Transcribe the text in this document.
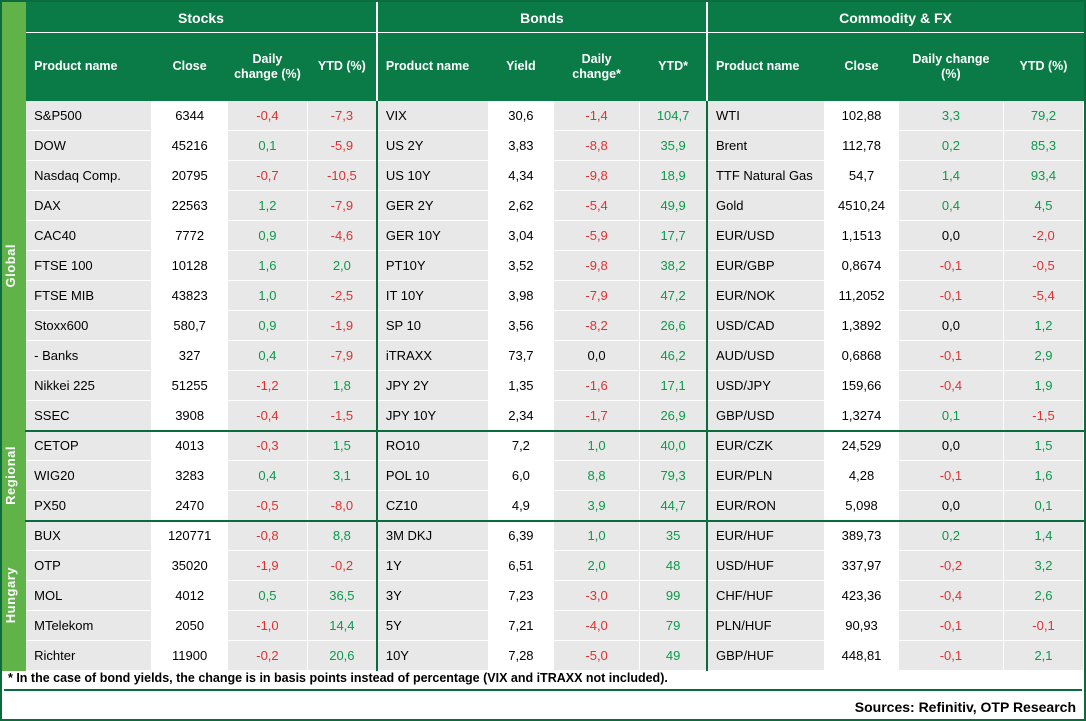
	Stocks				Bonds				Commodity & FX			
	Product name	Close	Daily change (%)	YTD (%)	Product name	Yield	Daily change*	YTD*	Product name	Close	Daily change (%)	YTD (%)

Global	S&P500	6344	-0,4	-7,3	VIX	30,6	-1,4	104,7	WTI	102,88	3,3	79,2
	DOW	45216	0,1	-5,9	US 2Y	3,83	-8,8	35,9	Brent	112,78	0,2	85,3
	Nasdaq Comp.	20795	-0,7	-10,5	US 10Y	4,34	-9,8	18,9	TTF Natural Gas	54,7	1,4	93,4
	DAX	22563	1,2	-7,9	GER 2Y	2,62	-5,4	49,9	Gold	4510,24	0,4	4,5
	CAC40	7772	0,9	-4,6	GER 10Y	3,04	-5,9	17,7	EUR/USD	1,1513	0,0	-2,0
	FTSE 100	10128	1,6	2,0	PT10Y	3,52	-9,8	38,2	EUR/GBP	0,8674	-0,1	-0,5
	FTSE MIB	43823	1,0	-2,5	IT 10Y	3,98	-7,9	47,2	EUR/NOK	11,2052	-0,1	-5,4
	Stoxx600	580,7	0,9	-1,9	SP 10	3,56	-8,2	26,6	USD/CAD	1,3892	0,0	1,2
	- Banks	327	0,4	-7,9	iTRAXX	73,7	0,0	46,2	AUD/USD	0,6868	-0,1	2,9
	Nikkei 225	51255	-1,2	1,8	JPY 2Y	1,35	-1,6	17,1	USD/JPY	159,66	-0,4	1,9
	SSEC	3908	-0,4	-1,5	JPY 10Y	2,34	-1,7	26,9	GBP/USD	1,3274	0,1	-1,5

Regional	CETOP	4013	-0,3	1,5	RO10	7,2	1,0	40,0	EUR/CZK	24,529	0,0	1,5
	WIG20	3283	0,4	3,1	POL 10	6,0	8,8	79,3	EUR/PLN	4,28	-0,1	1,6
	PX50	2470	-0,5	-8,0	CZ10	4,9	3,9	44,7	EUR/RON	5,098	0,0	0,1

Hungary	BUX	120771	-0,8	8,8	3M DKJ	6,39	1,0	35	EUR/HUF	389,73	0,2	1,4
	OTP	35020	-1,9	-0,2	1Y	6,51	2,0	48	USD/HUF	337,97	-0,2	3,2
	MOL	4012	0,5	36,5	3Y	7,23	-3,0	99	CHF/HUF	423,36	-0,4	2,6
	MTelekom	2050	-1,0	14,4	5Y	7,21	-4,0	79	PLN/HUF	90,93	-0,1	-0,1
	Richter	11900	-0,2	20,6	10Y	7,28	-5,0	49	GBP/HUF	448,81	-0,1	2,1
* In the case of bond yields, the change is in basis points instead of percentage (VIX and iTRAXX not included).
Sources: Refinitiv, OTP Research
